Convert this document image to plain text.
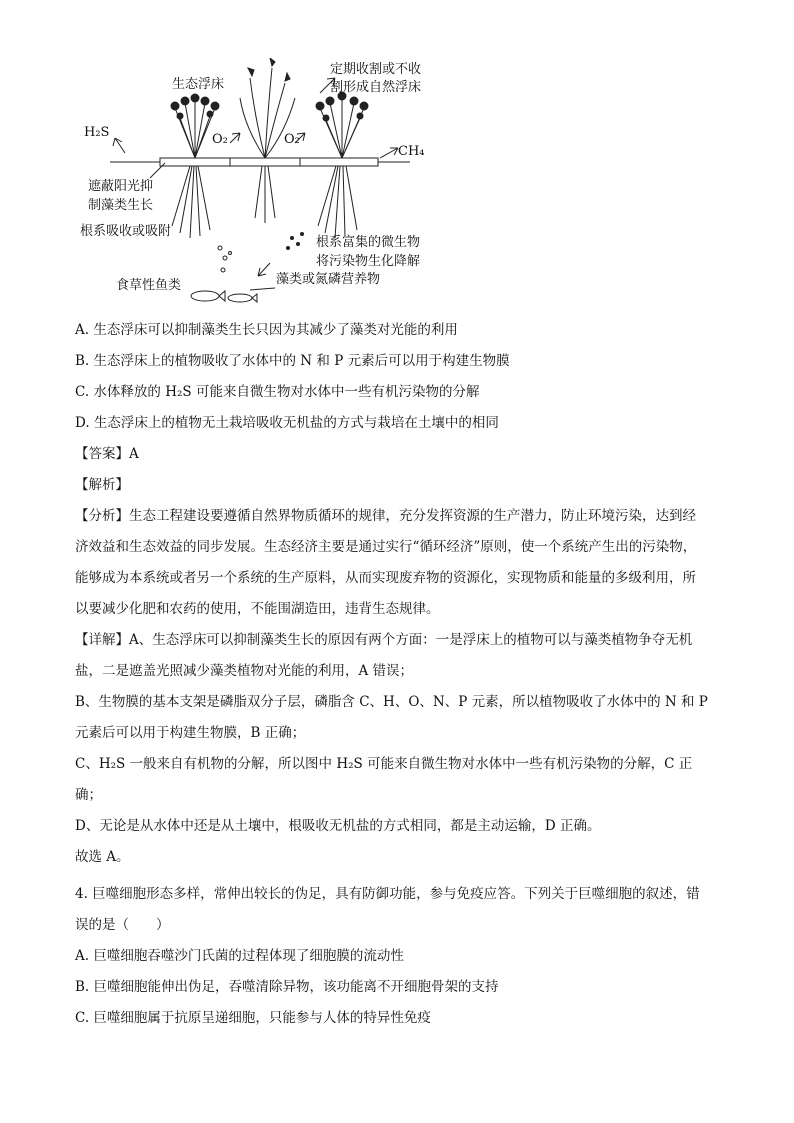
生态浮床
定期收割或不收
割形成自然浮床
H₂S	O₂	O₂
CH₄
遮蔽阳光抑
制藻类生长
根系吸收或吸附
根系富集的微生物
将污染物生化降解
藻类或氮磷营养物
食草性鱼类
A. 生态浮床可以抑制藻类生长只因为其减少了藻类对光能的利用
B. 生态浮床上的植物吸收了水体中的 N 和 P 元素后可以用于构建生物膜
C. 水体释放的 H₂S 可能来自微生物对水体中一些有机污染物的分解
D. 生态浮床上的植物无土栽培吸收无机盐的方式与栽培在土壤中的相同
【答案】A
【解析】
【分析】生态工程建设要遵循自然界物质循环的规律，充分发挥资源的生产潜力，防止环境污染，达到经
济效益和生态效益的同步发展。生态经济主要是通过实行“循环经济”原则，使一个系统产生出的污染物，
能够成为本系统或者另一个系统的生产原料，从而实现废弃物的资源化，实现物质和能量的多级利用，所
以要减少化肥和农药的使用，不能围湖造田，违背生态规律。
【详解】A、生态浮床可以抑制藻类生长的原因有两个方面：一是浮床上的植物可以与藻类植物争夺无机
盐，二是遮盖光照减少藻类植物对光能的利用，A 错误；
B、生物膜的基本支架是磷脂双分子层，磷脂含 C、H、O、N、P 元素，所以植物吸收了水体中的 N 和 P
元素后可以用于构建生物膜，B 正确；
C、H₂S 一般来自有机物的分解，所以图中 H₂S 可能来自微生物对水体中一些有机污染物的分解，C 正
确；
D、无论是从水体中还是从土壤中，根吸收无机盐的方式相同，都是主动运输，D 正确。
故选 A。
4. 巨噬细胞形态多样，常伸出较长的伪足，具有防御功能，参与免疫应答。下列关于巨噬细胞的叙述，错
误的是（　　）
A. 巨噬细胞吞噬沙门氏菌的过程体现了细胞膜的流动性
B. 巨噬细胞能伸出伪足，吞噬清除异物，该功能离不开细胞骨架的支持
C. 巨噬细胞属于抗原呈递细胞，只能参与人体的特异性免疫
